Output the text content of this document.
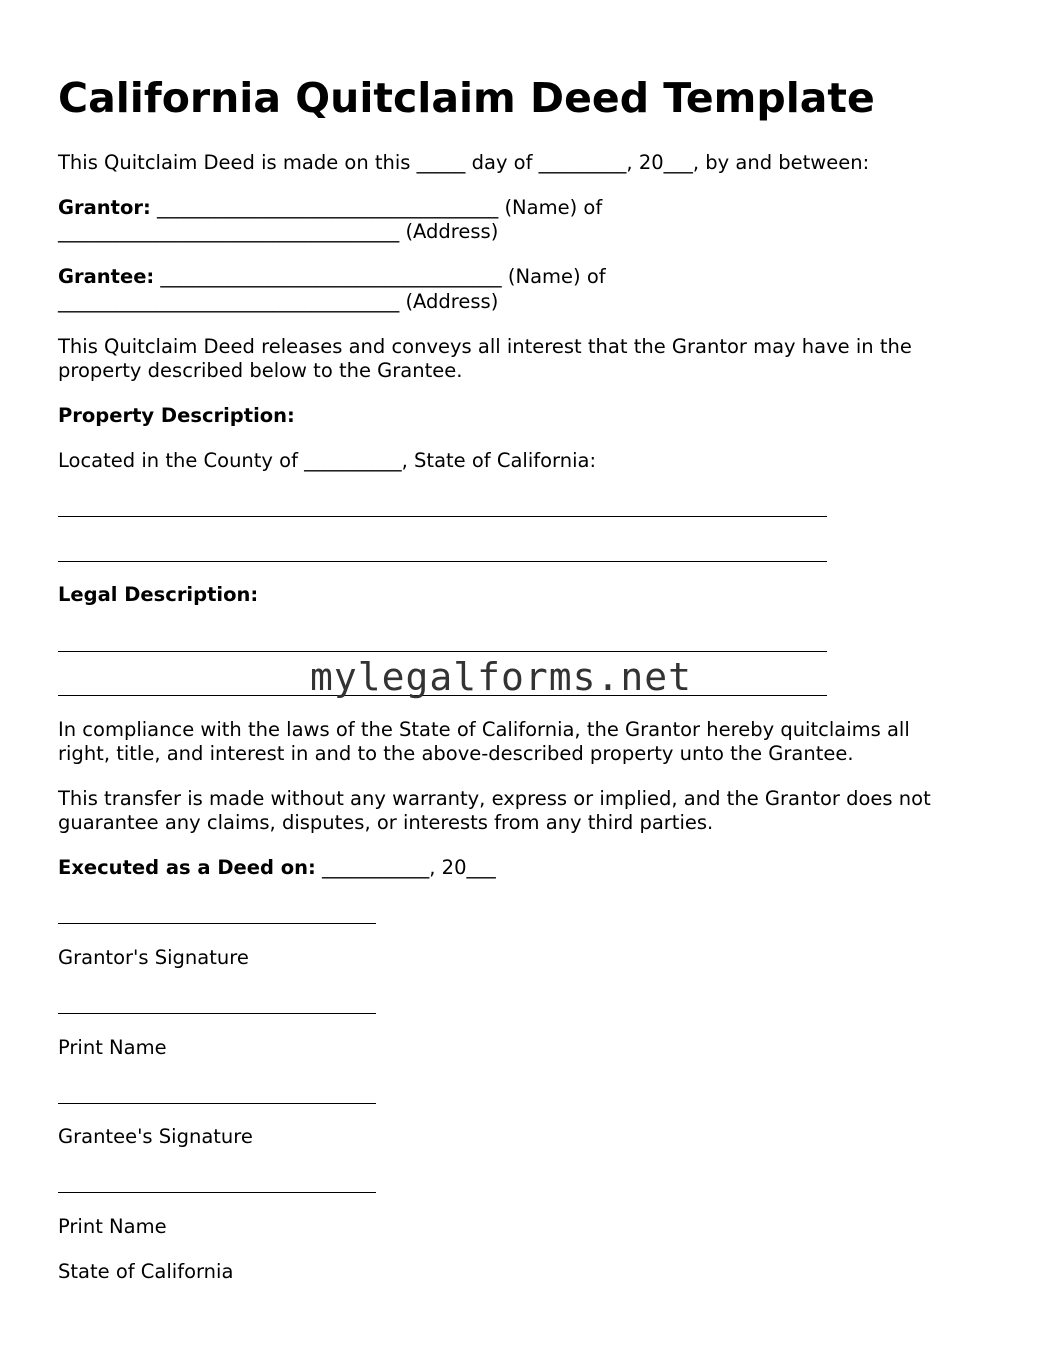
California Quitclaim Deed Template
This Quitclaim Deed is made on this _____ day of _________, 20___, by and between:
Grantor: ___________________________________ (Name) of
___________________________________ (Address)
Grantee: ___________________________________ (Name) of
___________________________________ (Address)
This Quitclaim Deed releases and conveys all interest that the Grantor may have in the
property described below to the Grantee.
Property Description:
Located in the County of __________, State of California:
Legal Description:
mylegalforms.net
In compliance with the laws of the State of California, the Grantor hereby quitclaims all
right, title, and interest in and to the above-described property unto the Grantee.
This transfer is made without any warranty, express or implied, and the Grantor does not
guarantee any claims, disputes, or interests from any third parties.
Executed as a Deed on: ___________, 20___
Grantor's Signature
Print Name
Grantee's Signature
Print Name
State of California
